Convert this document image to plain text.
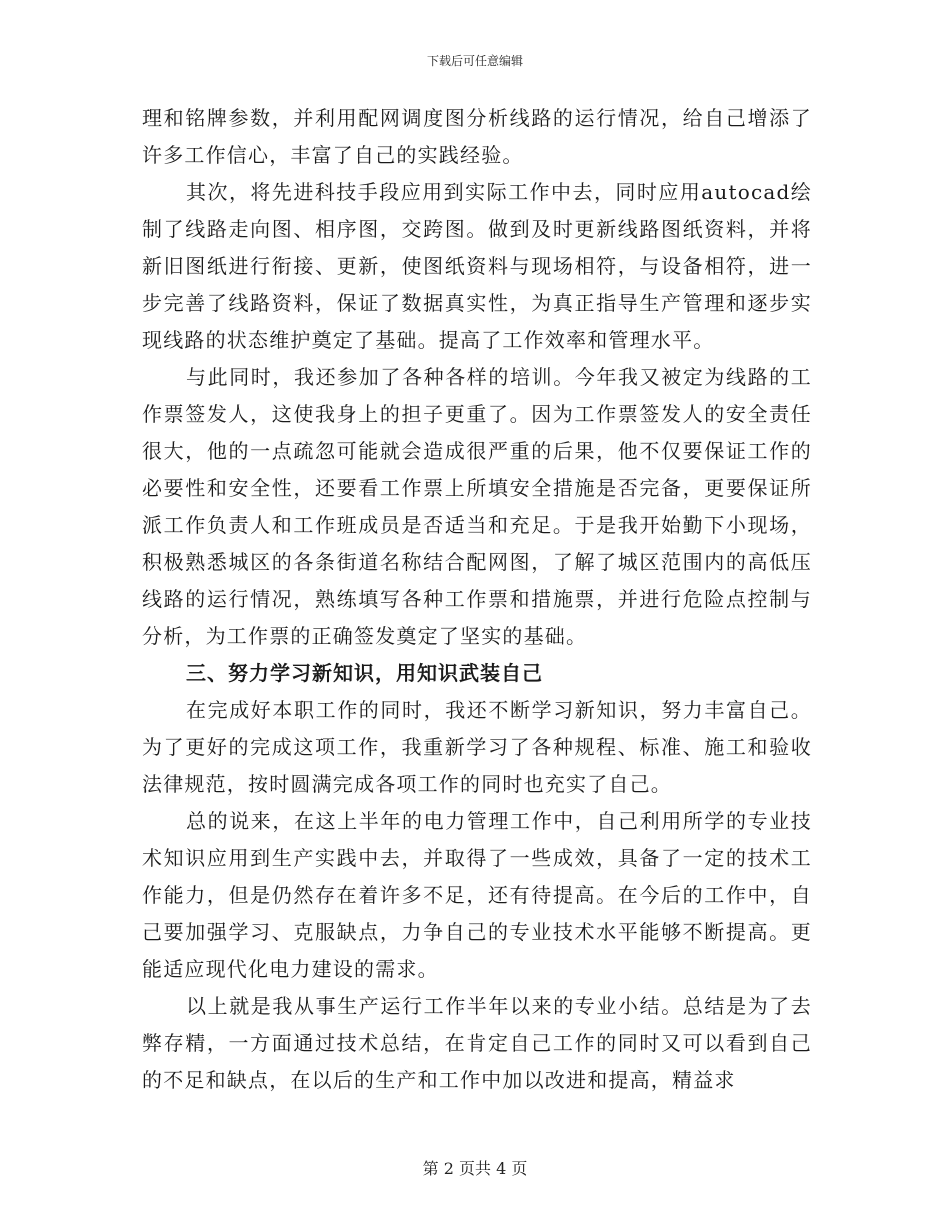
下载后可任意编辑

理和铭牌参数，并利用配网调度图分析线路的运行情况，给自己增添了许多工作信心，丰富了自己的实践经验。

其次，将先进科技手段应用到实际工作中去，同时应用autocad绘制了线路走向图、相序图，交跨图。做到及时更新线路图纸资料，并将新旧图纸进行衔接、更新，使图纸资料与现场相符，与设备相符，进一步完善了线路资料，保证了数据真实性，为真正指导生产管理和逐步实现线路的状态维护奠定了基础。提高了工作效率和管理水平。

与此同时，我还参加了各种各样的培训。今年我又被定为线路的工作票签发人，这使我身上的担子更重了。因为工作票签发人的安全责任很大，他的一点疏忽可能就会造成很严重的后果，他不仅要保证工作的必要性和安全性，还要看工作票上所填安全措施是否完备，更要保证所派工作负责人和工作班成员是否适当和充足。于是我开始勤下小现场，积极熟悉城区的各条街道名称结合配网图，了解了城区范围内的高低压线路的运行情况，熟练填写各种工作票和措施票，并进行危险点控制与分析，为工作票的正确签发奠定了坚实的基础。

三、努力学习新知识，用知识武装自己

在完成好本职工作的同时，我还不断学习新知识，努力丰富自己。为了更好的完成这项工作，我重新学习了各种规程、标准、施工和验收法律规范，按时圆满完成各项工作的同时也充实了自己。

总的说来，在这上半年的电力管理工作中，自己利用所学的专业技术知识应用到生产实践中去，并取得了一些成效，具备了一定的技术工作能力，但是仍然存在着许多不足，还有待提高。在今后的工作中，自己要加强学习、克服缺点，力争自己的专业技术水平能够不断提高。更能适应现代化电力建设的需求。

以上就是我从事生产运行工作半年以来的专业小结。总结是为了去弊存精，一方面通过技术总结，在肯定自己工作的同时又可以看到自己的不足和缺点，在以后的生产和工作中加以改进和提高，精益求

第 2 页共 4 页
